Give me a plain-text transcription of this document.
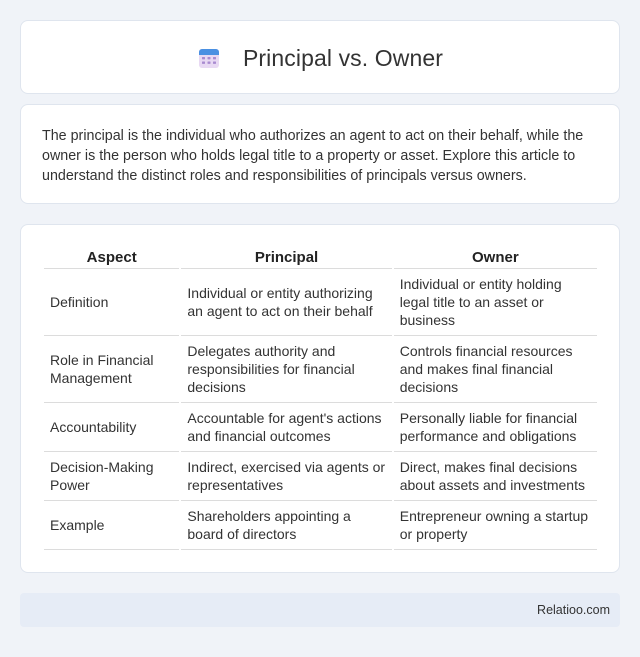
Principal vs. Owner

The principal is the individual who authorizes an agent to act on their behalf, while the owner is the person who holds legal title to a property or asset. Explore this article to understand the distinct roles and responsibilities of principals versus owners.

Aspect	Principal	Owner
Definition	Individual or entity authorizing an agent to act on their behalf	Individual or entity holding legal title to an asset or business
Role in Financial Management	Delegates authority and responsibilities for financial decisions	Controls financial resources and makes final financial decisions
Accountability	Accountable for agent's actions and financial outcomes	Personally liable for financial performance and obligations
Decision-Making Power	Indirect, exercised via agents or representatives	Direct, makes final decisions about assets and investments
Example	Shareholders appointing a board of directors	Entrepreneur owning a startup or property
Relatioo.com
